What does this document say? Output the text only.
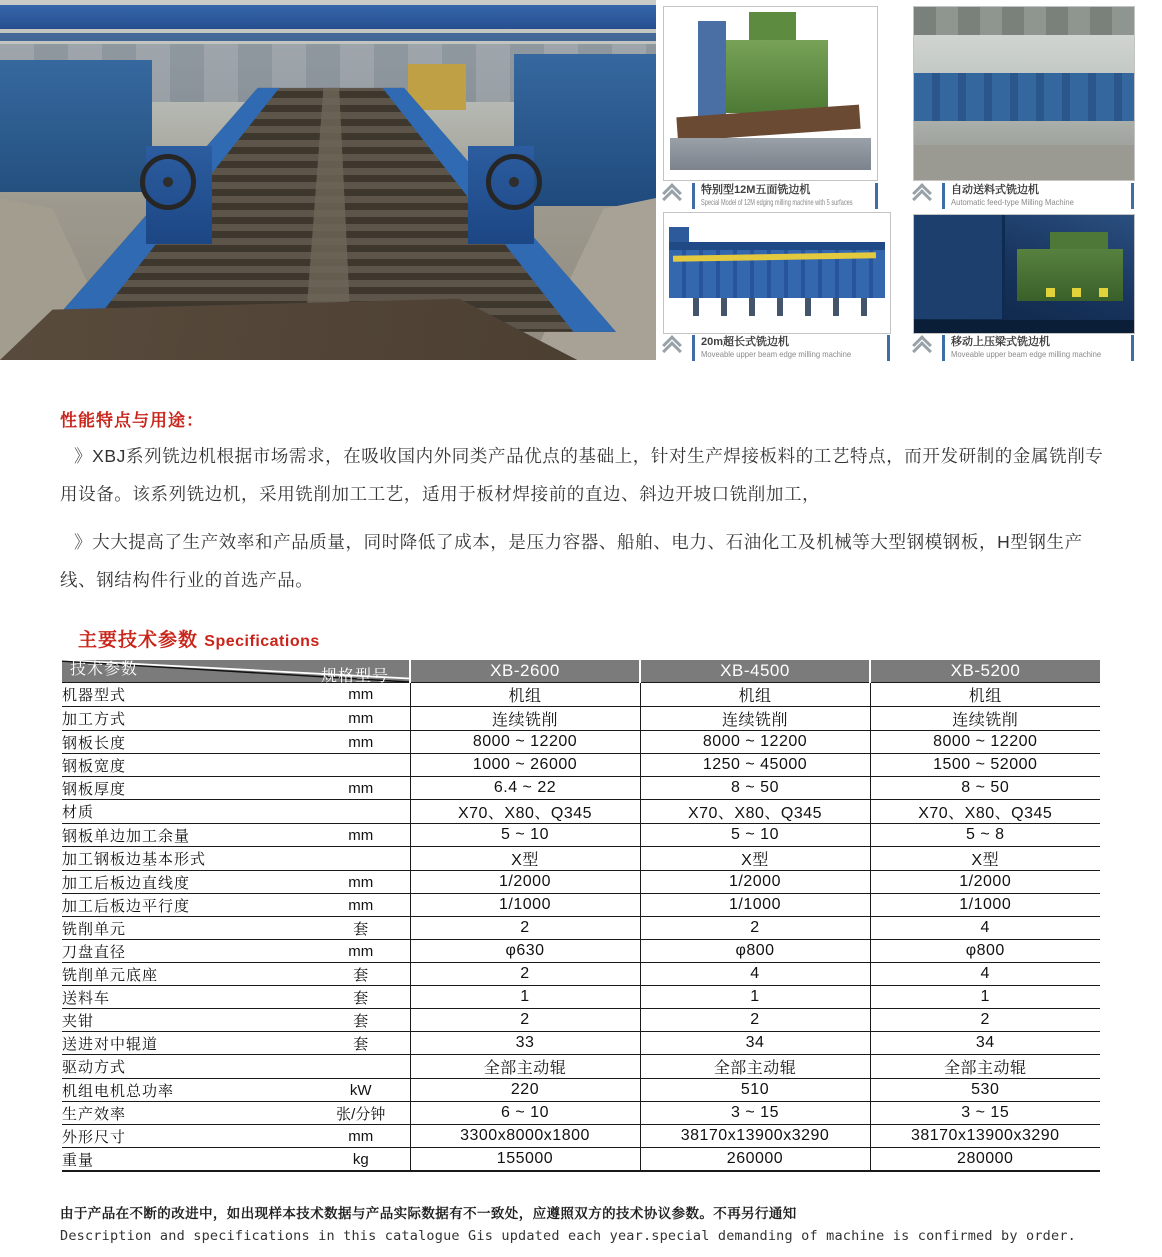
特别型12M五面铣边机
Special Model of 12M edging milling machine with 5 surfaces
自动送料式铣边机
Automatic feed-type Milling Machine
20m超长式铣边机
Moveable upper beam edge milling machine
移动上压梁式铣边机
Moveable upper beam edge milling machine
性能特点与用途：

》XBJ系列铣边机根据市场需求，在吸收国内外同类产品优点的基础上，针对生产焊接板料的工艺特点，而开发研制的金属铣削专用设备。该系列铣边机，采用铣削加工工艺，适用于板材焊接前的直边、斜边开坡口铣削加工，

》大大提高了生产效率和产品质量，同时降低了成本，是压力容器、船舶、电力、石油化工及机械等大型钢模钢板，H型钢生产线、钢结构件行业的首选产品。

主要技术参数 Specifications
规格型号
技术参数		XB-2600	XB-4500	XB-5200
机器型式	mm	机组	机组	机组
加工方式	mm	连续铣削	连续铣削	连续铣削
钢板长度	mm	8000 ~ 12200	8000 ~ 12200	8000 ~ 12200
钢板宽度		1000 ~ 26000	1250 ~ 45000	1500 ~ 52000
钢板厚度	mm	6.4 ~ 22	8 ~ 50	8 ~ 50
材质		X70、X80、Q345	X70、X80、Q345	X70、X80、Q345
钢板单边加工余量	mm	5 ~ 10	5 ~ 10	5 ~ 8
加工钢板边基本形式		X型	X型	X型
加工后板边直线度	mm	1/2000	1/2000	1/2000
加工后板边平行度	mm	1/1000	1/1000	1/1000
铣削单元	套	2	2	4
刀盘直径	mm	φ630	φ800	φ800
铣削单元底座	套	2	4	4
送料车	套	1	1	1
夹钳	套	2	2	2
送进对中辊道	套	33	34	34
驱动方式		全部主动辊	全部主动辊	全部主动辊
机组电机总功率	kW	220	510	530
生产效率	张/分钟	6 ~ 10	3 ~ 15	3 ~ 15
外形尺寸	mm	3300x8000x1800	38170x13900x3290	38170x13900x3290
重量	kg	155000	260000	280000
由于产品在不断的改进中，如出现样本技术数据与产品实际数据有不一致处，应遵照双方的技术协议参数。不再另行通知
Description and specifications in this catalogue Gis updated each year.special demanding of machine is confirmed by order.
